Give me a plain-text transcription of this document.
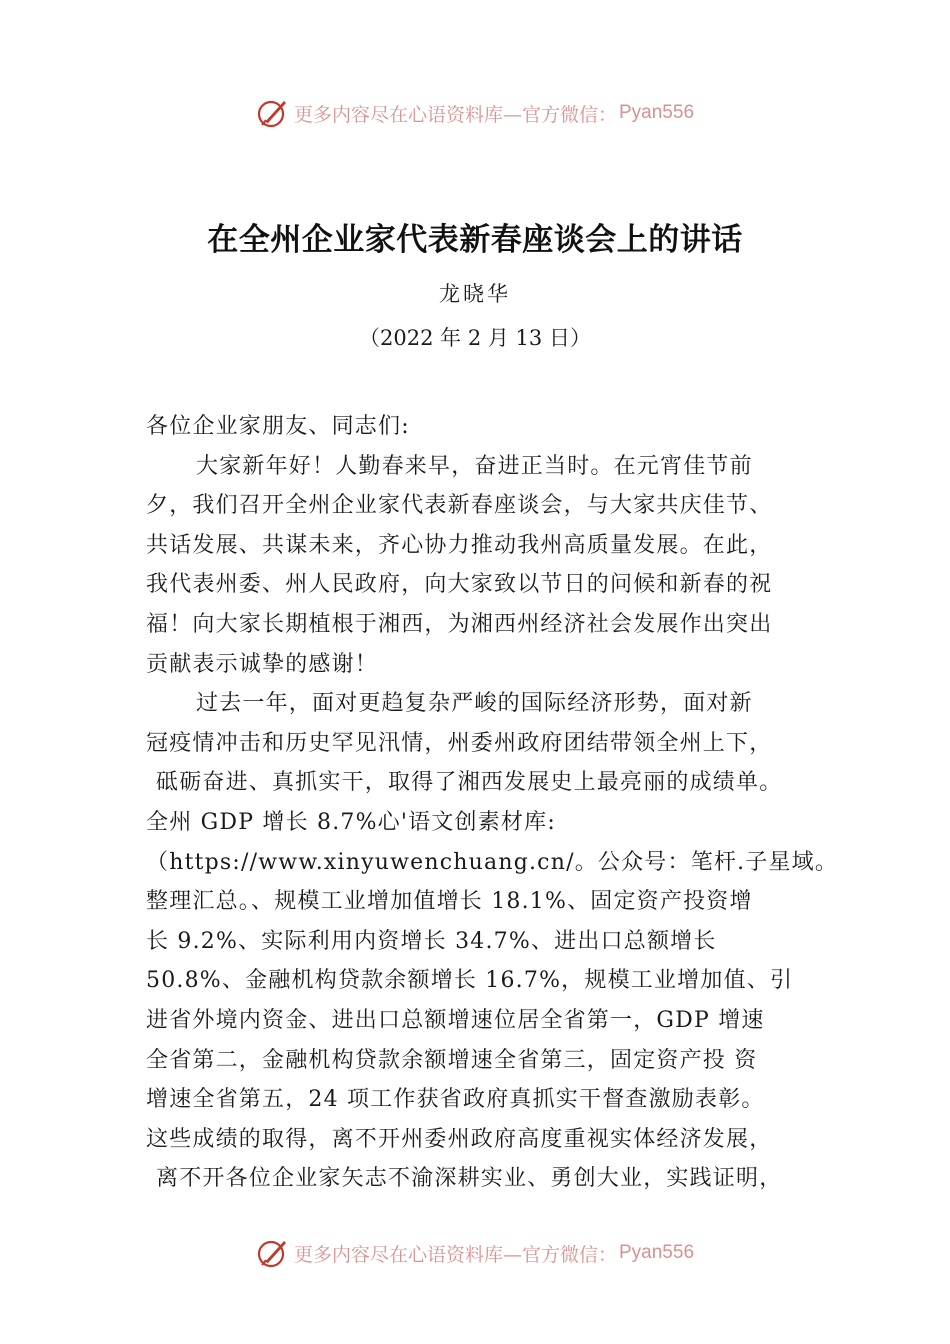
更多内容尽在心语资料库—官方微信： Pyan556
在全州企业家代表新春座谈会上的讲话
龙晓华
（2022 年 2 月 13 日）
各位企业家朋友、同志们:
大家新年好！人勤春来早，奋进正当时。在元宵佳节前
夕，我们召开全州企业家代表新春座谈会，与大家共庆佳节、
共话发展、共谋未来，齐心协力推动我州高质量发展。在此，
我代表州委、州人民政府，向大家致以节日的问候和新春的祝
福！向大家长期植根于湘西，为湘西州经济社会发展作出突出
贡献表示诚挚的感谢！
过去一年，面对更趋复杂严峻的国际经济形势，面对新
冠疫情冲击和历史罕见汛情，州委州政府团结带领全州上下，
砥砺奋进、真抓实干，取得了湘西发展史上最亮丽的成绩单。
全州 GDP 增长 8.7%心'语文创素材库:
（https://www.xinyuwenchuang.cn/。公众号：笔杆.子星域。
整理汇总。、规模工业增加值增长 18.1%、固定资产投资增
长 9.2%、实际利用内资增长 34.7%、进出口总额增长
50.8%、金融机构贷款余额增长 16.7%，规模工业增加值、引
进省外境内资金、进出口总额增速位居全省第一，GDP 增速
全省第二，金融机构贷款余额增速全省第三，固定资产投 资
增速全省第五，24 项工作获省政府真抓实干督查激励表彰。
这些成绩的取得，离不开州委州政府高度重视实体经济发展，
离不开各位企业家矢志不渝深耕实业、勇创大业，实践证明，
更多内容尽在心语资料库—官方微信： Pyan556
